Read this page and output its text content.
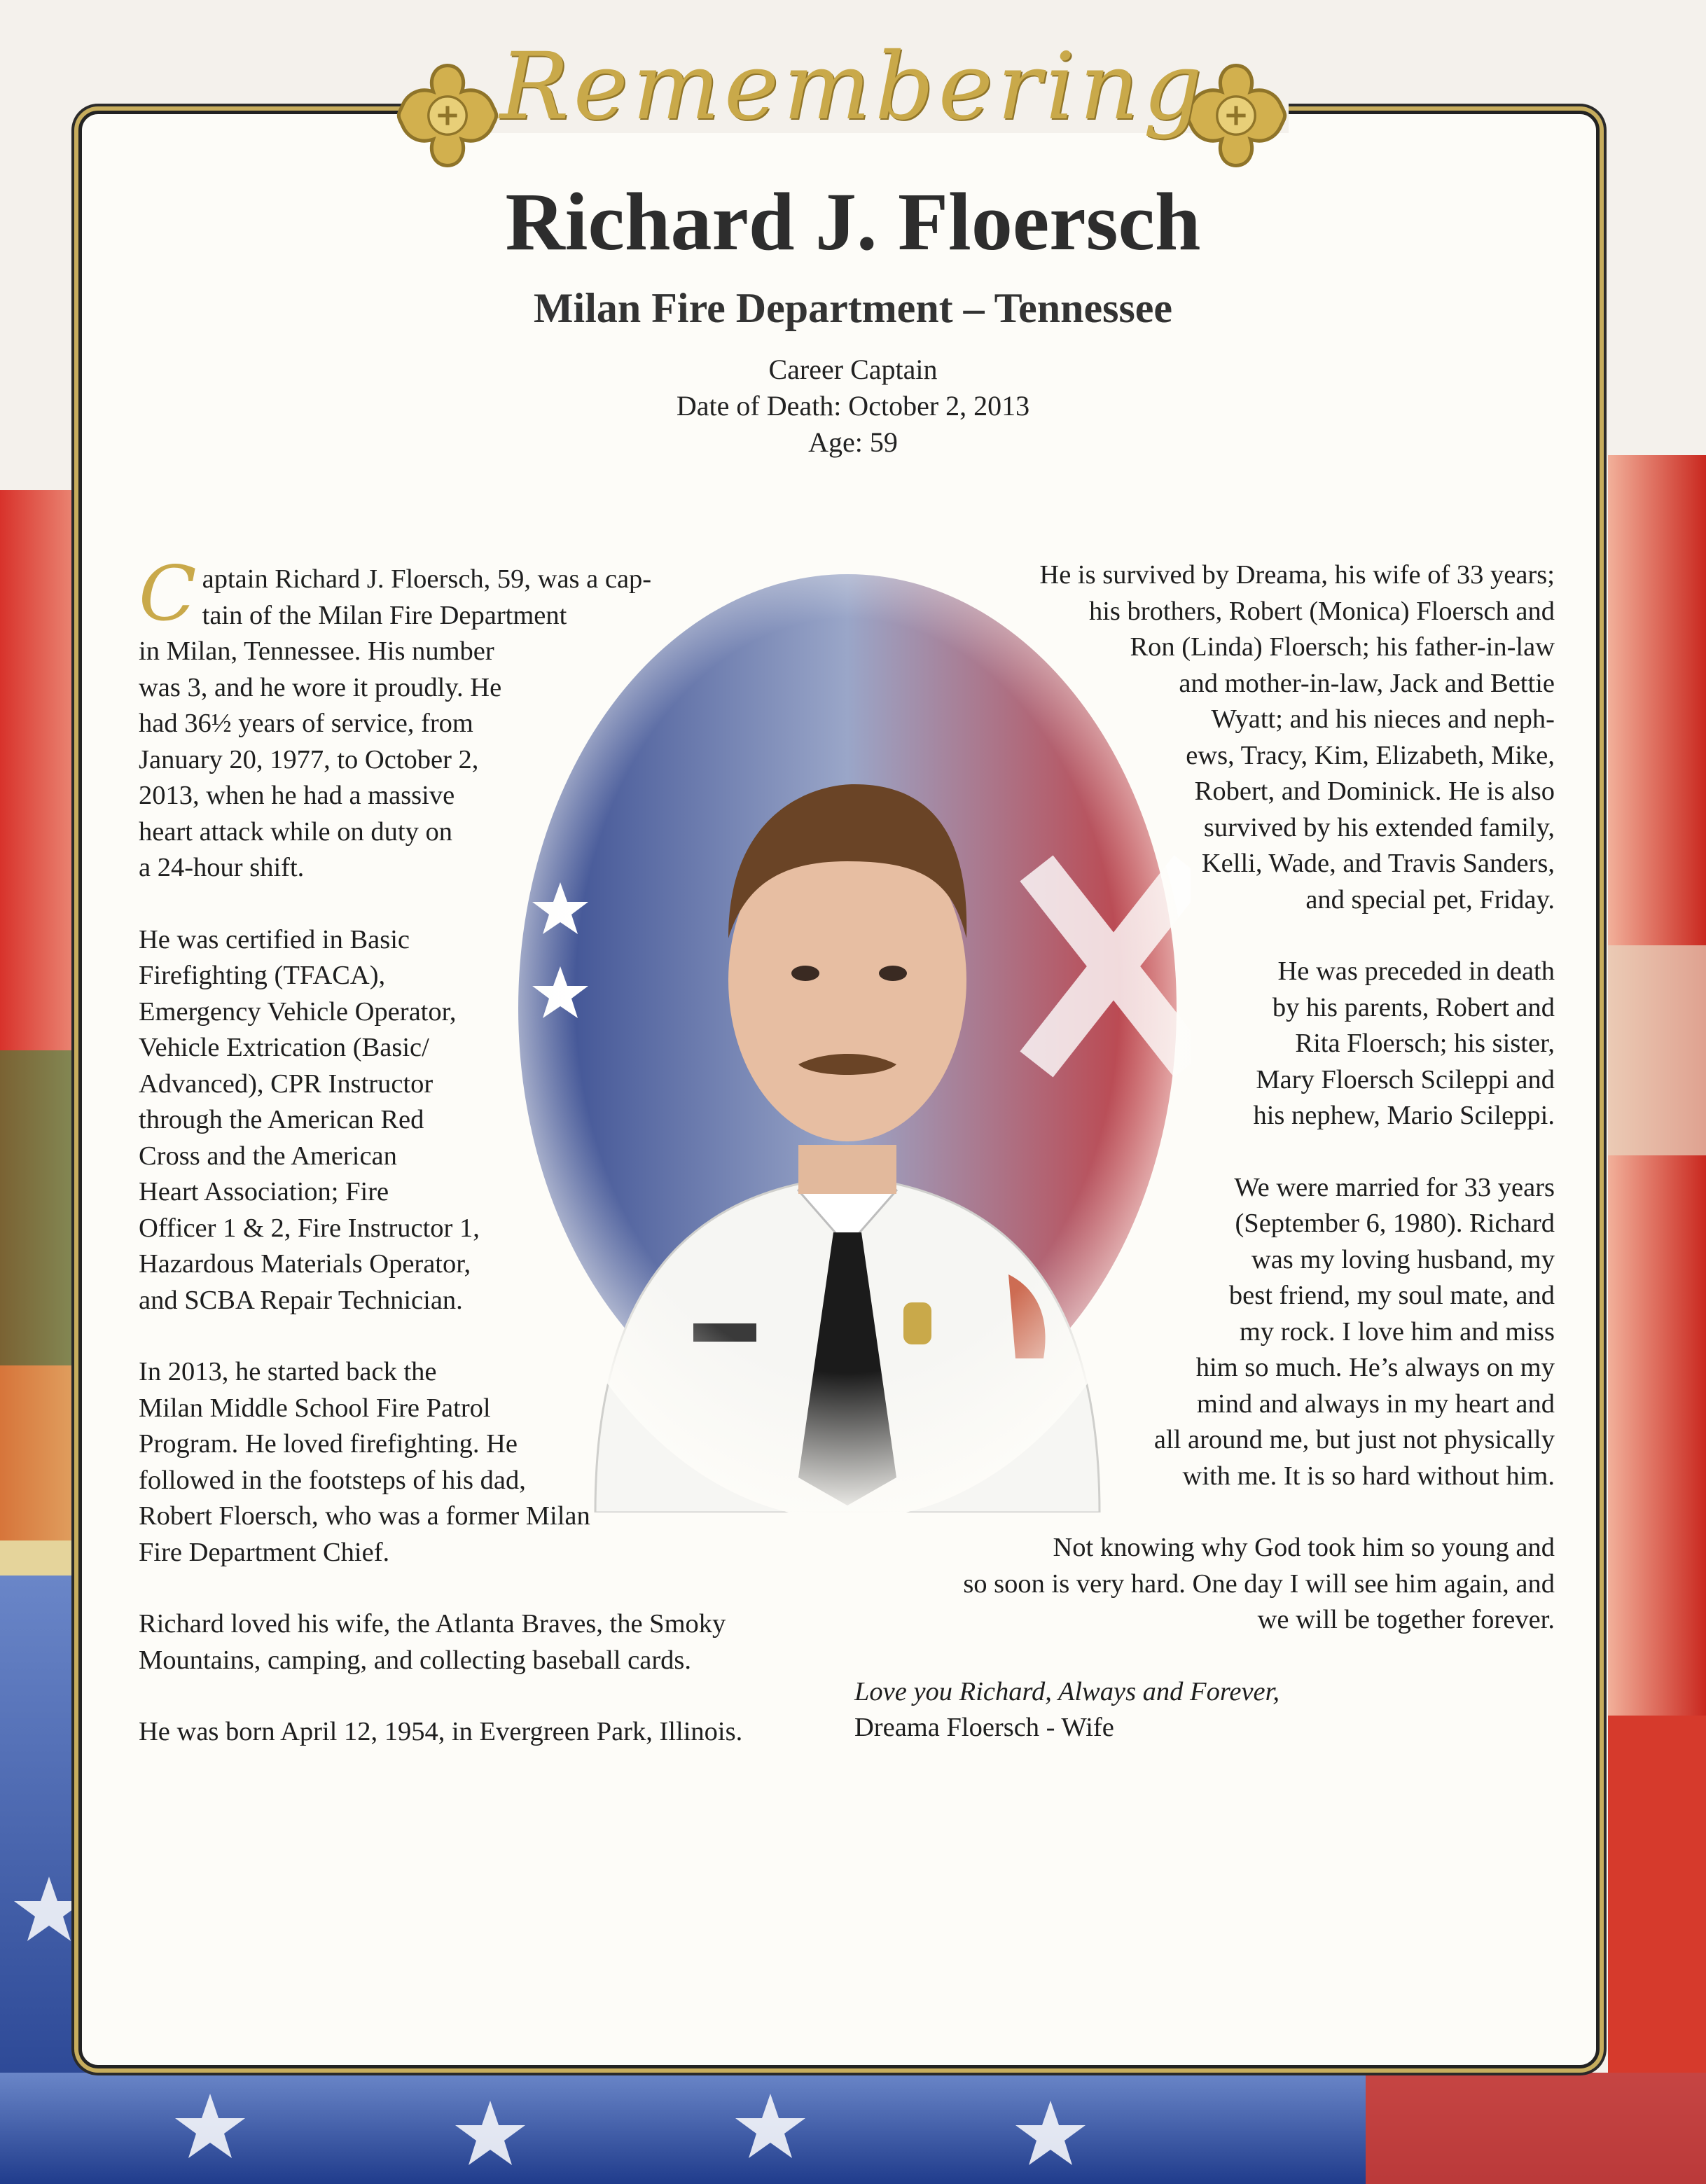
Remembering
Richard J. Floersch
Milan Fire Department – Tennessee
Career Captain
Date of Death: October 2, 2013
Age: 59

C aptain Richard J. Floersch, 59, was a cap-
tain of the Milan Fire Department
in Milan, Tennessee. His number
was 3, and he wore it proudly. He
had 36½ years of service, from
January 20, 1977, to October 2,
2013, when he had a massive
heart attack while on duty on
a 24-hour shift.

He was certified in Basic
Firefighting (TFACA),
Emergency Vehicle Operator,
Vehicle Extrication (Basic/
Advanced), CPR Instructor
through the American Red
Cross and the American
Heart Association; Fire
Officer 1 & 2, Fire Instructor 1,
Hazardous Materials Operator,
and SCBA Repair Technician.

In 2013, he started back the
Milan Middle School Fire Patrol
Program. He loved firefighting. He
followed in the footsteps of his dad,
Robert Floersch, who was a former Milan
Fire Department Chief.

Richard loved his wife, the Atlanta Braves, the Smoky
Mountains, camping, and collecting baseball cards.

He was born April 12, 1954, in Evergreen Park, Illinois.

He is survived by Dreama, his wife of 33 years;
his brothers, Robert (Monica) Floersch and
Ron (Linda) Floersch; his father-in-law
and mother-in-law, Jack and Bettie
Wyatt; and his nieces and neph-
ews, Tracy, Kim, Elizabeth, Mike,
Robert, and Dominick. He is also
survived by his extended family,
Kelli, Wade, and Travis Sanders,
and special pet, Friday.

He was preceded in death
by his parents, Robert and
Rita Floersch; his sister,
Mary Floersch Scileppi and
his nephew, Mario Scileppi.

We were married for 33 years
(September 6, 1980). Richard
was my loving husband, my
best friend, my soul mate, and
my rock. I love him and miss
him so much. He’s always on my
mind and always in my heart and
all around me, but just not physically
with me. It is so hard without him.

Not knowing why God took him so young and
so soon is very hard. One day I will see him again, and
we will be together forever.

Love you Richard, Always and Forever,
Dreama Floersch - Wife
